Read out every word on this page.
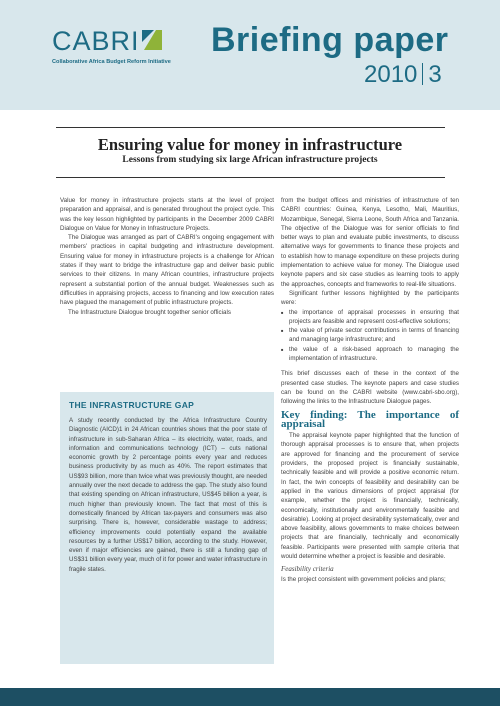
CABRI
Collaborative Africa Budget Reform Initiative
Briefing paper
2010 3
Ensuring value for money in infrastructure
Lessons from studying six large African infrastructure projects

Value for money in infrastructure projects starts at the level of project preparation and appraisal, and is generated throughout the project cycle. This was the key lesson highlighted by participants in the December 2009 CABRI Dialogue on Value for Money in Infrastructure Projects.

The Dialogue was arranged as part of CABRI's ongoing engagement with members' practices in capital budgeting and infrastructure development. Ensuring value for money in infrastructure projects is a challenge for African states if they want to bridge the infrastructure gap and deliver basic public services to their citizens. In many African countries, infrastructure projects represent a substantial portion of the annual budget. Weaknesses such as difficulties in appraising projects, access to financing and low execution rates have plagued the management of public infrastructure projects.

The Infrastructure Dialogue brought together senior officials

THE INFRASTRUCTURE GAP
A study recently conducted by the Africa Infrastructure Country Diagnostic (AICD)1 in 24 African countries shows that the poor state of infrastructure in sub-Saharan Africa – its electricity, water, roads, and information and communications technology (ICT) – cuts national economic growth by 2 percentage points every year and reduces business productivity by as much as 40%. The report estimates that US$93 billion, more than twice what was previously thought, are needed annually over the next decade to address the gap. The study also found that existing spending on African infrastructure, US$45 billion a year, is much higher than previously known. The fact that most of this is domestically financed by African tax-payers and consumers was also surprising. There is, however, considerable wastage to address; efficiency improvements could potentially expand the available resources by a further US$17 billion, according to the study. However, even if major efficiencies are gained, there is still a funding gap of US$31 billion every year, much of it for power and water infrastructure in fragile states.

from the budget offices and ministries of infrastructure of ten CABRI countries: Guinea, Kenya, Lesotho, Mali, Mauritius, Mozambique, Senegal, Sierra Leone, South Africa and Tanzania. The objective of the Dialogue was for senior officials to find better ways to plan and evaluate public investments, to discuss alternative ways for governments to finance these projects and to establish how to manage expenditure on these projects during implementation to achieve value for money. The Dialogue used keynote papers and six case studies as learning tools to apply the approaches, concepts and frameworks to real-life situations.

Significant further lessons highlighted by the participants were:

■ the importance of appraisal processes in ensuring that projects are feasible and represent cost-effective solutions;
■ the value of private sector contributions in terms of financing and managing large infrastructure; and
■ the value of a risk-based approach to managing the implementation of infrastructure.

This brief discusses each of these in the context of the presented case studies. The keynote papers and case studies can be found on the CABRI website (www.cabri-sbo.org), following the links to the Infrastructure Dialogue pages.

Key finding: The importance of appraisal

The appraisal keynote paper highlighted that the function of thorough appraisal processes is to ensure that, when projects are approved for financing and the procurement of service providers, the proposed project is financially sustainable, technically feasible and will provide a positive economic return. In fact, the twin concepts of feasibility and desirability can be applied in the various dimensions of project appraisal (for example, whether the project is financially, technically, economically, institutionally and environmentally feasible and desirable). Looking at project desirability systematically, over and above feasibility, allows governments to make choices between projects that are financially, technically and economically feasible. Participants were presented with sample criteria that would determine whether a project is feasible and desirable.

Feasibility criteria

Is the project consistent with government policies and plans;
